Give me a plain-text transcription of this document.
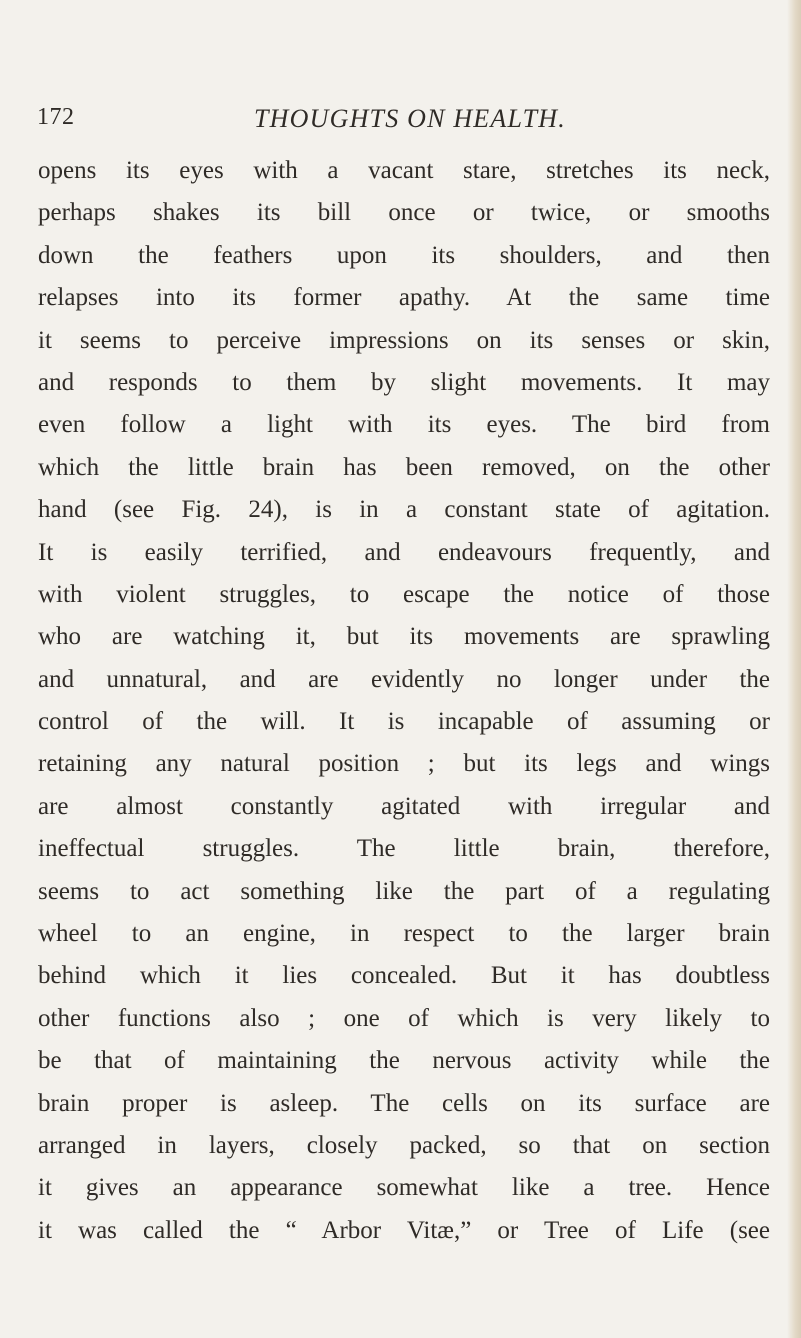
172	THOUGHTS ON HEALTH.
opens its eyes with a vacant stare, stretches its neck,
perhaps shakes its bill once or twice, or smooths
down the feathers upon its shoulders, and then
relapses into its former apathy. At the same time
it seems to perceive impressions on its senses or skin,
and responds to them by slight movements. It may
even follow a light with its eyes. The bird from
which the little brain has been removed, on the other
hand (see Fig. 24), is in a constant state of agitation.
It is easily terrified, and endeavours frequently, and
with violent struggles, to escape the notice of those
who are watching it, but its movements are sprawling
and unnatural, and are evidently no longer under the
control of the will. It is incapable of assuming or
retaining any natural position ; but its legs and wings
are almost constantly agitated with irregular and
ineffectual struggles. The little brain, therefore,
seems to act something like the part of a regulating
wheel to an engine, in respect to the larger brain
behind which it lies concealed. But it has doubtless
other functions also ; one of which is very likely to
be that of maintaining the nervous activity while the
brain proper is asleep. The cells on its surface are
arranged in layers, closely packed, so that on section
it gives an appearance somewhat like a tree. Hence
it was called the “ Arbor Vitæ,” or Tree of Life (see
